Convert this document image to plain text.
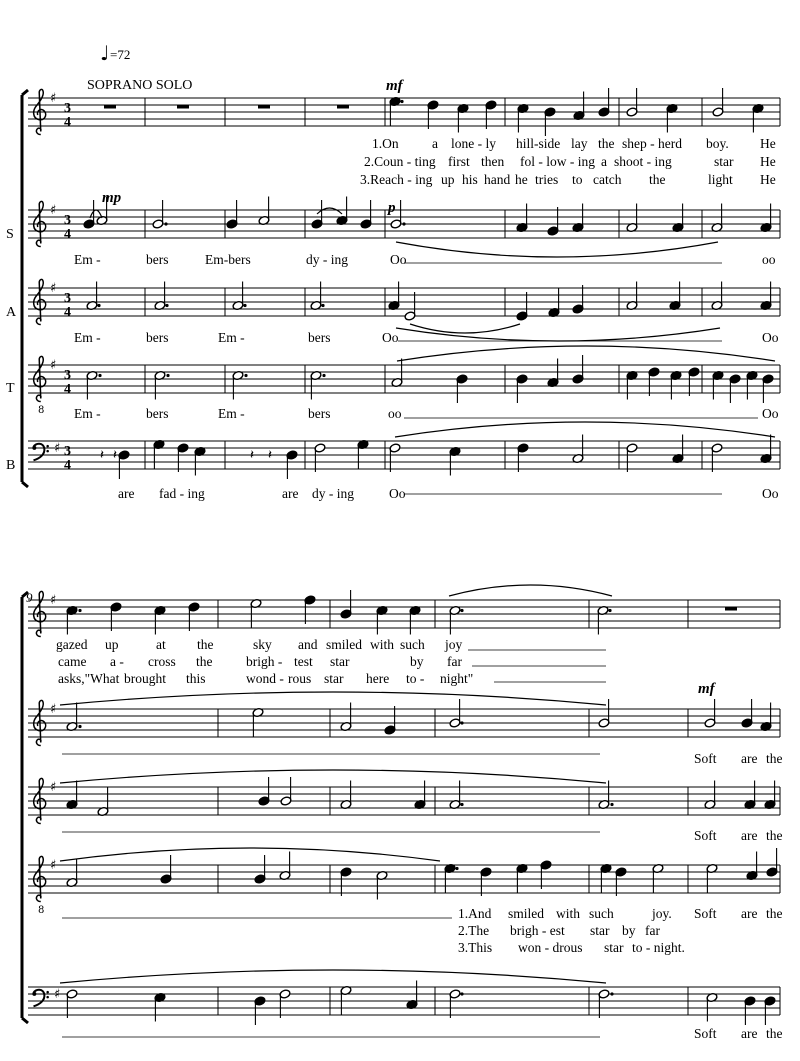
♯
♯
♯
8
♯
♯
♯
♯
♯
8
♯
♯
𝄽 𝄽	𝄽 𝄽
♩ =72
SOPRANO SOLO
9
S
A
T
B
3
4
3
4
3
4
3
4
3
4
mf
mp
p
mf
1.On a lone - ly hill-side lay the shep - herd boy. He
2.Coun - ting first then fol - low - ing a shoot - ing	star He
3.Reach - ing up his hand he tries to catch the	light He
Em -	bers	Em-bers	dy - ing	Oo	oo
Em -	bers	Em -	bers	Oo	Oo
Em -	bers	Em -	bers	oo	Oo
are fad - ing	are dy - ing	Oo	Oo
gazed up	at the	sky and smiled with such joy
came a - cross the brigh - test star	by far
asks,"What brought this	wond - rous star here to - night"
Soft are the
Soft are the
1.And smiled with such	joy. Soft are the
2.The brigh - est star by far
3.This won - drous star to - night.
Soft are the
